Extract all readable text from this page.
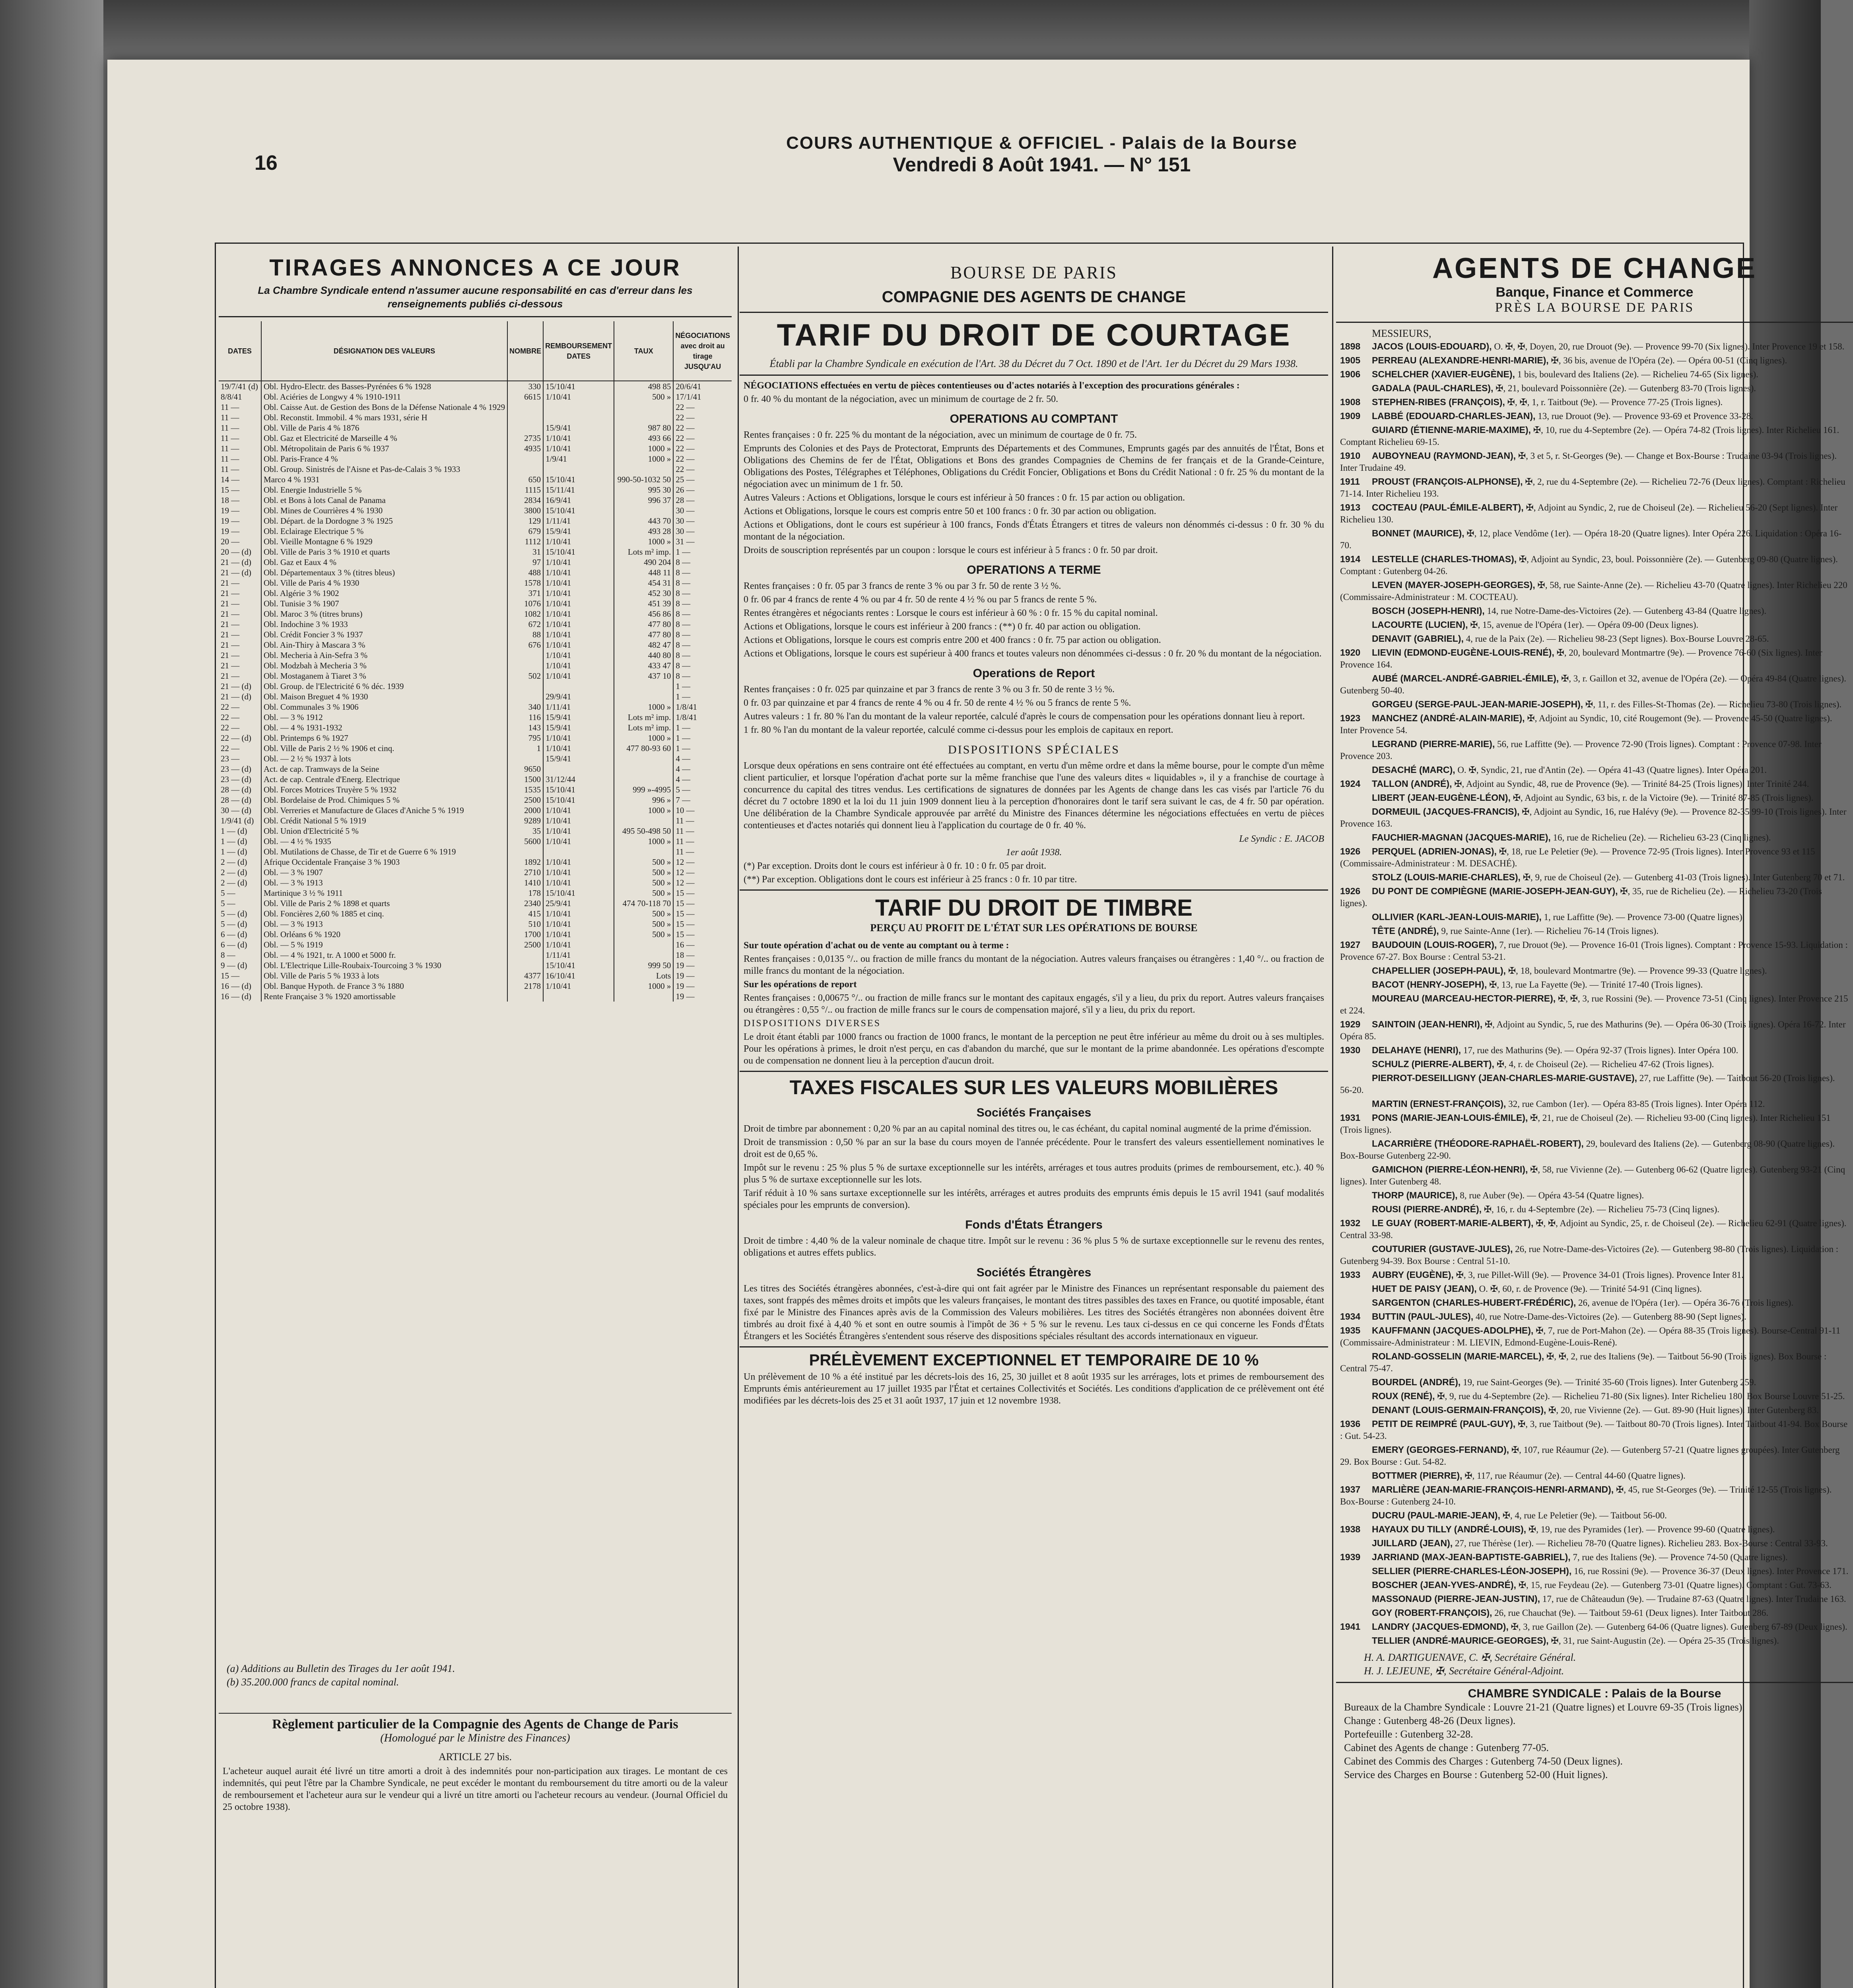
16
COURS AUTHENTIQUE & OFFICIEL - Palais de la Bourse
Vendredi 8 Août 1941. — N° 151
TIRAGES ANNONCES A CE JOUR
La Chambre Syndicale entend n'assumer aucune responsabilité en cas d'erreur dans les renseignements publiés ci-dessous
DATES	DÉSIGNATION DES VALEURS	NOMBRE	REMBOURSEMENT DATES	TAUX	NÉGOCIATIONS avec droit au tirage JUSQU'AU
19/7/41 (d)	Obl. Hydro-Electr. des Basses-Pyrénées 6 % 1928	330	15/10/41	498 85	20/6/41
8/8/41	Obl. Aciéries de Longwy 4 % 1910-1911	6615	1/10/41	500 »	17/1/41
11 —	Obl. Caisse Aut. de Gestion des Bons de la Défense Nationale 4 % 1929				22 —
11 —	Obl. Reconstit. Immobil. 4 % mars 1931, série H				22 —
11 —	Obl. Ville de Paris 4 % 1876		15/9/41	987 80	22 —
11 —	Obl. Gaz et Electricité de Marseille 4 %	2735	1/10/41	493 66	22 —
11 —	Obl. Métropolitain de Paris 6 % 1937	4935	1/10/41	1000 »	22 —
11 —	Obl. Paris-France 4 %		1/9/41	1000 »	22 —
11 —	Obl. Group. Sinistrés de l'Aisne et Pas-de-Calais 3 % 1933				22 —
14 —	Marco 4 % 1931	650	15/10/41	990-50-1032 50	25 —
15 —	Obl. Energie Industrielle 5 %	1115	15/11/41	995 30	26 —
18 —	Obl. et Bons à lots Canal de Panama	2834	16/9/41	996 37	28 —
19 —	Obl. Mines de Courrières 4 % 1930	3800	15/10/41		30 —
19 —	Obl. Départ. de la Dordogne 3 % 1925	129	1/11/41	443 70	30 —
19 —	Obl. Eclairage Electrique 5 %	679	15/9/41	493 28	30 —
20 —	Obl. Vieille Montagne 6 % 1929	1112	1/10/41	1000 »	31 —
20 — (d)	Obl. Ville de Paris 3 % 1910 et quarts	31	15/10/41	Lots m² imp.	1 —
21 — (d)	Obl. Gaz et Eaux 4 %	97	1/10/41	490 204	8 —
21 — (d)	Obl. Départementaux 3 % (titres bleus)	488	1/10/41	448 11	8 —
21 —	Obl. Ville de Paris 4 % 1930	1578	1/10/41	454 31	8 —
21 —	Obl. Algérie 3 % 1902	371	1/10/41	452 30	8 —
21 —	Obl. Tunisie 3 % 1907	1076	1/10/41	451 39	8 —
21 —	Obl. Maroc 3 % (titres bruns)	1082	1/10/41	456 86	8 —
21 —	Obl. Indochine 3 % 1933	672	1/10/41	477 80	8 —
21 —	Obl. Crédit Foncier 3 % 1937	88	1/10/41	477 80	8 —
21 —	Obl. Ain-Thiry à Mascara 3 %	676	1/10/41	482 47	8 —
21 —	Obl. Mecheria à Ain-Sefra 3 %		1/10/41	440 80	8 —
21 —	Obl. Modzbah à Mecheria 3 %		1/10/41	433 47	8 —
21 —	Obl. Mostaganem à Tiaret 3 %	502	1/10/41	437 10	8 —
21 — (d)	Obl. Group. de l'Electricité 6 % déc. 1939				1 —
21 — (d)	Obl. Maison Breguet 4 % 1930		29/9/41		1 —
22 —	Obl. Communales 3 % 1906	340	1/11/41	1000 »	1/8/41
22 —	Obl. — 3 % 1912	116	15/9/41	Lots m² imp.	1/8/41
22 —	Obl. — 4 % 1931-1932	143	15/9/41	Lots m² imp.	1 —
22 — (d)	Obl. Printemps 6 % 1927	795	1/10/41	1000 »	1 —
22 —	Obl. Ville de Paris 2 ½ % 1906 et cinq.	1	1/10/41	477 80-93 60	1 —
23 —	Obl. — 2 ½ % 1937 à lots		15/9/41		4 —
23 — (d)	Act. de cap. Tramways de la Seine	9650			4 —
23 — (d)	Act. de cap. Centrale d'Energ. Electrique	1500	31/12/44		4 —
28 — (d)	Obl. Forces Motrices Truyère 5 % 1932	1535	15/10/41	999 »-4995	5 —
28 — (d)	Obl. Bordelaise de Prod. Chimiques 5 %	2500	15/10/41	996 »	7 —
30 — (d)	Obl. Verreries et Manufacture de Glaces d'Aniche 5 % 1919	2000	1/10/41	1000 »	10 —
1/9/41 (d)	Obl. Crédit National 5 % 1919	9289	1/10/41		11 —
1 — (d)	Obl. Union d'Electricité 5 %	35	1/10/41	495 50-498 50	11 —
1 — (d)	Obl. — 4 ½ % 1935	5600	1/10/41	1000 »	11 —
1 — (d)	Obl. Mutilations de Chasse, de Tir et de Guerre 6 % 1919				11 —
2 — (d)	Afrique Occidentale Française 3 % 1903	1892	1/10/41	500 »	12 —
2 — (d)	Obl. — 3 % 1907	2710	1/10/41	500 »	12 —
2 — (d)	Obl. — 3 % 1913	1410	1/10/41	500 »	12 —
5 —	Martinique 3 ½ % 1911	178	15/10/41	500 »	15 —
5 —	Obl. Ville de Paris 2 % 1898 et quarts	2340	25/9/41	474 70-118 70	15 —
5 — (d)	Obl. Foncières 2,60 % 1885 et cinq.	415	1/10/41	500 »	15 —
5 — (d)	Obl. — 3 % 1913	510	1/10/41	500 »	15 —
6 — (d)	Obl. Orléans 6 % 1920	1700	1/10/41	500 »	15 —
6 — (d)	Obl. — 5 % 1919	2500	1/10/41		16 —
8 —	Obl. — 4 % 1921, tr. A 1000 et 5000 fr.		1/11/41		18 —
9 — (d)	Obl. L'Electrique Lille-Roubaix-Tourcoing 3 % 1930		15/10/41	999 50	19 —
15 —	Obl. Ville de Paris 5 % 1933 à lots	4377	16/10/41	Lots	19 —
16 — (d)	Obl. Banque Hypoth. de France 3 % 1880	2178	1/10/41	1000 »	19 —
16 — (d)	Rente Française 3 % 1920 amortissable				19 —
(a) Additions au Bulletin des Tirages du 1er août 1941.
(b) 35.200.000 francs de capital nominal.
Règlement particulier de la Compagnie des Agents de Change de Paris
(Homologué par le Ministre des Finances)
ARTICLE 27 bis.
L'acheteur auquel aurait été livré un titre amorti a droit à des indemnités pour non-participation aux tirages. Le montant de ces indemnités, qui peut l'être par la Chambre Syndicale, ne peut excéder le montant du remboursement du titre amorti ou de la valeur de remboursement et l'acheteur aura sur le vendeur qui a livré un titre amorti ou l'acheteur recours au vendeur. (Journal Officiel du 25 octobre 1938).
BOURSE DE PARIS
COMPAGNIE DES AGENTS DE CHANGE
TARIF DU DROIT DE COURTAGE
Établi par la Chambre Syndicale en exécution de l'Art. 38 du Décret du 7 Oct. 1890 et de l'Art. 1er du Décret du 29 Mars 1938.
NÉGOCIATIONS effectuées en vertu de pièces contentieuses ou d'actes notariés à l'exception des procurations générales :
0 fr. 40 % du montant de la négociation, avec un minimum de courtage de 2 fr. 50.
OPERATIONS AU COMPTANT
Rentes françaises : 0 fr. 225 % du montant de la négociation, avec un minimum de courtage de 0 fr. 75.
Emprunts des Colonies et des Pays de Protectorat, Emprunts des Départements et des Communes, Emprunts gagés par des annuités de l'État, Bons et Obligations des Chemins de fer de l'État, Obligations et Bons des grandes Compagnies de Chemins de fer français et de la Grande-Ceinture, Obligations des Postes, Télégraphes et Téléphones, Obligations du Crédit Foncier, Obligations et Bons du Crédit National : 0 fr. 25 % du montant de la négociation avec un minimum de 1 fr. 50.
Autres Valeurs : Actions et Obligations, lorsque le cours est inférieur à 50 frances : 0 fr. 15 par action ou obligation.
Actions et Obligations, lorsque le cours est compris entre 50 et 100 francs : 0 fr. 30 par action ou obligation.
Actions et Obligations, dont le cours est supérieur à 100 francs, Fonds d'États Étrangers et titres de valeurs non dénommés ci-dessus : 0 fr. 30 % du montant de la négociation.
Droits de souscription représentés par un coupon : lorsque le cours est inférieur à 5 francs : 0 fr. 50 par droit.
OPERATIONS A TERME
Rentes françaises : 0 fr. 05 par 3 francs de rente 3 % ou par 3 fr. 50 de rente 3 ½ %.
0 fr. 06 par 4 francs de rente 4 % ou par 4 fr. 50 de rente 4 ½ % ou par 5 francs de rente 5 %.
Rentes étrangères et négociants rentes : Lorsque le cours est inférieur à 60 % : 0 fr. 15 % du capital nominal.
Actions et Obligations, lorsque le cours est inférieur à 200 francs : (**) 0 fr. 40 par action ou obligation.
Actions et Obligations, lorsque le cours est compris entre 200 et 400 francs : 0 fr. 75 par action ou obligation.
Actions et Obligations, lorsque le cours est supérieur à 400 francs et toutes valeurs non dénommées ci-dessus : 0 fr. 20 % du montant de la négociation.
Operations de Report
Rentes françaises : 0 fr. 025 par quinzaine et par 3 francs de rente 3 % ou 3 fr. 50 de rente 3 ½ %.
0 fr. 03 par quinzaine et par 4 francs de rente 4 % ou 4 fr. 50 de rente 4 ½ % ou 5 francs de rente 5 %.
Autres valeurs : 1 fr. 80 % l'an du montant de la valeur reportée, calculé d'après le cours de compensation pour les opérations donnant lieu à report.
1 fr. 80 % l'an du montant de la valeur reportée, calculé comme ci-dessus pour les emplois de capitaux en report.
DISPOSITIONS SPÉCIALES
Lorsque deux opérations en sens contraire ont été effectuées au comptant, en vertu d'un même ordre et dans la même bourse, pour le compte d'un même client particulier, et lorsque l'opération d'achat porte sur la même franchise que l'une des valeurs dites « liquidables », il y a franchise de courtage à concurrence du capital des titres vendus. Les certifications de signatures de données par les Agents de change dans les cas visés par l'article 76 du décret du 7 octobre 1890 et la loi du 11 juin 1909 donnent lieu à la perception d'honoraires dont le tarif sera suivant le cas, de 4 fr. 50 par opération. Une délibération de la Chambre Syndicale approuvée par arrêté du Ministre des Finances détermine les négociations effectuées en vertu de pièces contentieuses et d'actes notariés qui donnent lieu à l'application du courtage de 0 fr. 40 %.
Le Syndic : E. JACOB
1er août 1938.
(*) Par exception. Droits dont le cours est inférieur à 0 fr. 10 : 0 fr. 05 par droit.
(**) Par exception. Obligations dont le cours est inférieur à 25 francs : 0 fr. 10 par titre.
TARIF DU DROIT DE TIMBRE
PERÇU AU PROFIT DE L'ÉTAT SUR LES OPÉRATIONS DE BOURSE
Sur toute opération d'achat ou de vente au comptant ou à terme :
Rentes françaises : 0,0135 °/.. ou fraction de mille francs du montant de la négociation. Autres valeurs françaises ou étrangères : 1,40 °/.. ou fraction de mille francs du montant de la négociation.
Sur les opérations de report
Rentes françaises : 0,00675 °/.. ou fraction de mille francs sur le montant des capitaux engagés, s'il y a lieu, du prix du report. Autres valeurs françaises ou étrangères : 0,55 °/.. ou fraction de mille francs sur le cours de compensation majoré, s'il y a lieu, du prix du report.
DISPOSITIONS DIVERSES
Le droit étant établi par 1000 francs ou fraction de 1000 francs, le montant de la perception ne peut être inférieur au même du droit ou à ses multiples. Pour les opérations à primes, le droit n'est perçu, en cas d'abandon du marché, que sur le montant de la prime abandonnée. Les opérations d'escompte ou de compensation ne donnent lieu à la perception d'aucun droit.
TAXES FISCALES SUR LES VALEURS MOBILIÈRES
Sociétés Françaises
Droit de timbre par abonnement : 0,20 % par an au capital nominal des titres ou, le cas échéant, du capital nominal augmenté de la prime d'émission.
Droit de transmission : 0,50 % par an sur la base du cours moyen de l'année précédente. Pour le transfert des valeurs essentiellement nominatives le droit est de 0,65 %.
Impôt sur le revenu : 25 % plus 5 % de surtaxe exceptionnelle sur les intérêts, arrérages et tous autres produits (primes de remboursement, etc.). 40 % plus 5 % de surtaxe exceptionnelle sur les lots.
Tarif réduit à 10 % sans surtaxe exceptionnelle sur les intérêts, arrérages et autres produits des emprunts émis depuis le 15 avril 1941 (sauf modalités spéciales pour les emprunts de conversion).
Fonds d'États Étrangers
Droit de timbre : 4,40 % de la valeur nominale de chaque titre. Impôt sur le revenu : 36 % plus 5 % de surtaxe exceptionnelle sur le revenu des rentes, obligations et autres effets publics.
Sociétés Étrangères
Les titres des Sociétés étrangères abonnées, c'est-à-dire qui ont fait agréer par le Ministre des Finances un représentant responsable du paiement des taxes, sont frappés des mêmes droits et impôts que les valeurs françaises, le montant des titres passibles des taxes en France, ou quotité imposable, étant fixé par le Ministre des Finances après avis de la Commission des Valeurs mobilières. Les titres des Sociétés étrangères non abonnées doivent être timbrés au droit fixé à 4,40 % et sont en outre soumis à l'impôt de 36 + 5 % sur le revenu. Les taux ci-dessus en ce qui concerne les Fonds d'États Étrangers et les Sociétés Étrangères s'entendent sous réserve des dispositions spéciales résultant des accords internationaux en vigueur.
PRÉLÈVEMENT EXCEPTIONNEL ET TEMPORAIRE DE 10 %
Un prélèvement de 10 % a été institué par les décrets-lois des 16, 25, 30 juillet et 8 août 1935 sur les arrérages, lots et primes de remboursement des Emprunts émis antérieurement au 17 juillet 1935 par l'État et certaines Collectivités et Sociétés. Les conditions d'application de ce prélèvement ont été modifiées par les décrets-lois des 25 et 31 août 1937, 17 juin et 12 novembre 1938.
AGENTS DE CHANGE
Banque, Finance et Commerce
PRÈS LA BOURSE DE PARIS
MESSIEURS,
1898 JACOS (LOUIS-EDOUARD), O. ✠, ✠, Doyen, 20, rue Drouot (9e). — Provence 99-70 (Six lignes). Inter Provence 19 et 158.
1905 PERREAU (ALEXANDRE-HENRI-MARIE), ✠, 36 bis, avenue de l'Opéra (2e). — Opéra 00-51 (Cinq lignes).
1906 SCHELCHER (XAVIER-EUGÈNE), 1 bis, boulevard des Italiens (2e). — Richelieu 74-65 (Six lignes).
GADALA (PAUL-CHARLES), ✠, 21, boulevard Poissonnière (2e). — Gutenberg 83-70 (Trois lignes).
1908 STEPHEN-RIBES (FRANÇOIS), ✠, ✠, 1, r. Taitbout (9e). — Provence 77-25 (Trois lignes).
1909 LABBÉ (EDOUARD-CHARLES-JEAN), 13, rue Drouot (9e). — Provence 93-69 et Provence 33-28.
GUIARD (ÉTIENNE-MARIE-MAXIME), ✠, 10, rue du 4-Septembre (2e). — Opéra 74-82 (Trois lignes). Inter Richelieu 161. Comptant Richelieu 69-15.
1910 AUBOYNEAU (RAYMOND-JEAN), ✠, 3 et 5, r. St-Georges (9e). — Change et Box-Bourse : Trudaine 03-94 (Trois lignes). Inter Trudaine 49.
1911 PROUST (FRANÇOIS-ALPHONSE), ✠, 2, rue du 4-Septembre (2e). — Richelieu 72-76 (Deux lignes). Comptant : Richelieu 71-14. Inter Richelieu 193.
1913 COCTEAU (PAUL-ÉMILE-ALBERT), ✠, Adjoint au Syndic, 2, rue de Choiseul (2e). — Richelieu 56-20 (Sept lignes). Inter Richelieu 130.
BONNET (MAURICE), ✠, 12, place Vendôme (1er). — Opéra 18-20 (Quatre lignes). Inter Opéra 226. Liquidation : Opéra 16-70.
1914 LESTELLE (CHARLES-THOMAS), ✠, Adjoint au Syndic, 23, boul. Poissonnière (2e). — Gutenberg 09-80 (Quatre lignes). Comptant : Gutenberg 04-26.
LEVEN (MAYER-JOSEPH-GEORGES), ✠, 58, rue Sainte-Anne (2e). — Richelieu 43-70 (Quatre lignes). Inter Richelieu 220 (Commissaire-Administrateur : M. COCTEAU).
BOSCH (JOSEPH-HENRI), 14, rue Notre-Dame-des-Victoires (2e). — Gutenberg 43-84 (Quatre lignes).
LACOURTE (LUCIEN), ✠, 15, avenue de l'Opéra (1er). — Opéra 09-00 (Deux lignes).
DENAVIT (GABRIEL), 4, rue de la Paix (2e). — Richelieu 98-23 (Sept lignes). Box-Bourse Louvre 28-65.
1920 LIEVIN (EDMOND-EUGÈNE-LOUIS-RENÉ), ✠, 20, boulevard Montmartre (9e). — Provence 76-60 (Six lignes). Inter Provence 164.
AUBÉ (MARCEL-ANDRÉ-GABRIEL-ÉMILE), ✠, 3, r. Gaillon et 32, avenue de l'Opéra (2e). — Opéra 49-84 (Quatre lignes). Gutenberg 50-40.
GORGEU (SERGE-PAUL-JEAN-MARIE-JOSEPH), ✠, 11, r. des Filles-St-Thomas (2e). — Richelieu 73-80 (Trois lignes).
1923 MANCHEZ (ANDRÉ-ALAIN-MARIE), ✠, Adjoint au Syndic, 10, cité Rougemont (9e). — Provence 45-50 (Quatre lignes). Inter Provence 54.
LEGRAND (PIERRE-MARIE), 56, rue Laffitte (9e). — Provence 72-90 (Trois lignes). Comptant : Provence 07-98. Inter Provence 203.
DESACHÉ (MARC), O. ✠, Syndic, 21, rue d'Antin (2e). — Opéra 41-43 (Quatre lignes). Inter Opéra 201.
1924 TALLON (ANDRÉ), ✠, Adjoint au Syndic, 48, rue de Provence (9e). — Trinité 84-25 (Trois lignes). Inter Trinité 244.
LIBERT (JEAN-EUGÈNE-LÉON), ✠, Adjoint au Syndic, 63 bis, r. de la Victoire (9e). — Trinité 87-85 (Trois lignes).
DORMEUIL (JACQUES-FRANCIS), ✠, Adjoint au Syndic, 16, rue Halévy (9e). — Provence 82-35 99-10 (Trois lignes). Inter Provence 163.
FAUCHIER-MAGNAN (JACQUES-MARIE), 16, rue de Richelieu (2e). — Richelieu 63-23 (Cinq lignes).
1926 PERQUEL (ADRIEN-JONAS), ✠, 18, rue Le Peletier (9e). — Provence 72-95 (Trois lignes). Inter Provence 93 et 115 (Commissaire-Administrateur : M. DESACHÉ).
STOLZ (LOUIS-MARIE-CHARLES), ✠, 9, rue de Choiseul (2e). — Gutenberg 41-03 (Trois lignes). Inter Gutenberg 70 et 71.
1926 DU PONT DE COMPIÈGNE (MARIE-JOSEPH-JEAN-GUY), ✠, 35, rue de Richelieu (2e). — Richelieu 73-20 (Trois lignes).
OLLIVIER (KARL-JEAN-LOUIS-MARIE), 1, rue Laffitte (9e). — Provence 73-00 (Quatre lignes).
TÊTE (ANDRÉ), 9, rue Sainte-Anne (1er). — Richelieu 76-14 (Trois lignes).
1927 BAUDOUIN (LOUIS-ROGER), 7, rue Drouot (9e). — Provence 16-01 (Trois lignes). Comptant : Provence 15-93. Liquidation : Provence 67-27. Box Bourse : Central 53-21.
CHAPELLIER (JOSEPH-PAUL), ✠, 18, boulevard Montmartre (9e). — Provence 99-33 (Quatre lignes).
BACOT (HENRY-JOSEPH), ✠, 13, rue La Fayette (9e). — Trinité 17-40 (Trois lignes).
MOUREAU (MARCEAU-HECTOR-PIERRE), ✠, ✠, 3, rue Rossini (9e). — Provence 73-51 (Cinq lignes). Inter Provence 215 et 224.
1929 SAINTOIN (JEAN-HENRI), ✠, Adjoint au Syndic, 5, rue des Mathurins (9e). — Opéra 06-30 (Trois lignes). Opéra 16-72. Inter Opéra 85.
1930 DELAHAYE (HENRI), 17, rue des Mathurins (9e). — Opéra 92-37 (Trois lignes). Inter Opéra 100.
SCHULZ (PIERRE-ALBERT), ✠, 4, r. de Choiseul (2e). — Richelieu 47-62 (Trois lignes).
PIERROT-DESEILLIGNY (JEAN-CHARLES-MARIE-GUSTAVE), 27, rue Laffitte (9e). — Taitbout 56-20 (Trois lignes). 56-20.
MARTIN (ERNEST-FRANÇOIS), 32, rue Cambon (1er). — Opéra 83-85 (Trois lignes). Inter Opéra 112.
1931 PONS (MARIE-JEAN-LOUIS-ÉMILE), ✠, 21, rue de Choiseul (2e). — Richelieu 93-00 (Cinq lignes). Inter Richelieu 151 (Trois lignes).
LACARRIÈRE (THÉODORE-RAPHAËL-ROBERT), 29, boulevard des Italiens (2e). — Gutenberg 08-90 (Quatre lignes). Box-Bourse Gutenberg 22-90.
GAMICHON (PIERRE-LÉON-HENRI), ✠, 58, rue Vivienne (2e). — Gutenberg 06-62 (Quatre lignes). Gutenberg 93-21 (Cinq lignes). Inter Gutenberg 48.
THORP (MAURICE), 8, rue Auber (9e). — Opéra 43-54 (Quatre lignes).
ROUSI (PIERRE-ANDRÉ), ✠, 16, r. du 4-Septembre (2e). — Richelieu 75-73 (Cinq lignes).
1932 LE GUAY (ROBERT-MARIE-ALBERT), ✠, ✠, Adjoint au Syndic, 25, r. de Choiseul (2e). — Richelieu 62-91 (Quatre lignes). Central 33-98.
COUTURIER (GUSTAVE-JULES), 26, rue Notre-Dame-des-Victoires (2e). — Gutenberg 98-80 (Trois lignes). Liquidation : Gutenberg 94-39. Box Bourse : Central 51-10.
1933 AUBRY (EUGÈNE), ✠, 3, rue Pillet-Will (9e). — Provence 34-01 (Trois lignes). Provence Inter 81.
HUET DE PAISY (JEAN), O. ✠, 60, r. de Provence (9e). — Trinité 54-91 (Cinq lignes).
SARGENTON (CHARLES-HUBERT-FRÉDÉRIC), 26, avenue de l'Opéra (1er). — Opéra 36-76 (Trois lignes).
1934 BUTTIN (PAUL-JULES), 40, rue Notre-Dame-des-Victoires (2e). — Gutenberg 88-90 (Sept lignes).
1935 KAUFFMANN (JACQUES-ADOLPHE), ✠, 7, rue de Port-Mahon (2e). — Opéra 88-35 (Trois lignes). Bourse-Central 91-11 (Commissaire-Administrateur : M. LIEVIN, Edmond-Eugène-Louis-René).
ROLAND-GOSSELIN (MARIE-MARCEL), ✠, ✠, 2, rue des Italiens (9e). — Taitbout 56-90 (Trois lignes). Box Bourse : Central 75-47.
BOURDEL (ANDRÉ), 19, rue Saint-Georges (9e). — Trinité 35-60 (Trois lignes). Inter Gutenberg 259.
ROUX (RENÉ), ✠, 9, rue du 4-Septembre (2e). — Richelieu 71-80 (Six lignes). Inter Richelieu 180. Box Bourse Louvre 51-25.
DENANT (LOUIS-GERMAIN-FRANÇOIS), ✠, 20, rue Vivienne (2e). — Gut. 89-90 (Huit lignes). Inter Gutenberg 83.
1936 PETIT DE REIMPRÉ (PAUL-GUY), ✠, 3, rue Taitbout (9e). — Taitbout 80-70 (Trois lignes). Inter Taitbout 41-94. Box Bourse : Gut. 54-23.
EMERY (GEORGES-FERNAND), ✠, 107, rue Réaumur (2e). — Gutenberg 57-21 (Quatre lignes groupées). Inter Gutenberg 29. Box Bourse : Gut. 54-82.
BOTTMER (PIERRE), ✠, 117, rue Réaumur (2e). — Central 44-60 (Quatre lignes).
1937 MARLIÈRE (JEAN-MARIE-FRANÇOIS-HENRI-ARMAND), ✠, 45, rue St-Georges (9e). — Trinité 12-55 (Trois lignes). Box-Bourse : Gutenberg 24-10.
DUCRU (PAUL-MARIE-JEAN), ✠, 4, rue Le Peletier (9e). — Taitbout 56-00.
1938 HAYAUX DU TILLY (ANDRÉ-LOUIS), ✠, 19, rue des Pyramides (1er). — Provence 99-60 (Quatre lignes).
JUILLARD (JEAN), 27, rue Thérèse (1er). — Richelieu 78-70 (Quatre lignes). Richelieu 283. Box-Bourse : Central 33-93.
1939 JARRIAND (MAX-JEAN-BAPTISTE-GABRIEL), 7, rue des Italiens (9e). — Provence 74-50 (Quatre lignes).
SELLIER (PIERRE-CHARLES-LÉON-JOSEPH), 16, rue Rossini (9e). — Provence 36-37 (Deux lignes). Inter Provence 171.
BOSCHER (JEAN-YVES-ANDRÉ), ✠, 15, rue Feydeau (2e). — Gutenberg 73-01 (Quatre lignes). Comptant : Gut. 73-63.
MASSONAUD (PIERRE-JEAN-JUSTIN), 17, rue de Châteaudun (9e). — Trudaine 87-63 (Quatre lignes). Inter Trudaine 163.
GOY (ROBERT-FRANÇOIS), 26, rue Chauchat (9e). — Taitbout 59-61 (Deux lignes). Inter Taitbout 286.
1941 LANDRY (JACQUES-EDMOND), ✠, 3, rue Gaillon (2e). — Gutenberg 64-06 (Quatre lignes). Gutenberg 67-89 (Deux lignes).
TELLIER (ANDRÉ-MAURICE-GEORGES), ✠, 31, rue Saint-Augustin (2e). — Opéra 25-35 (Trois lignes).
H. A. DARTIGUENAVE, C. ✠, Secrétaire Général.
H. J. LEJEUNE, ✠, Secrétaire Général-Adjoint.
CHAMBRE SYNDICALE : Palais de la Bourse
Bureaux de la Chambre Syndicale : Louvre 21-21 (Quatre lignes) et Louvre 69-35 (Trois lignes).
Change : Gutenberg 48-26 (Deux lignes).
Portefeuille : Gutenberg 32-28.
Cabinet des Agents de change : Gutenberg 77-05.
Cabinet des Commis des Charges : Gutenberg 74-50 (Deux lignes).
Service des Charges en Bourse : Gutenberg 52-00 (Huit lignes).
